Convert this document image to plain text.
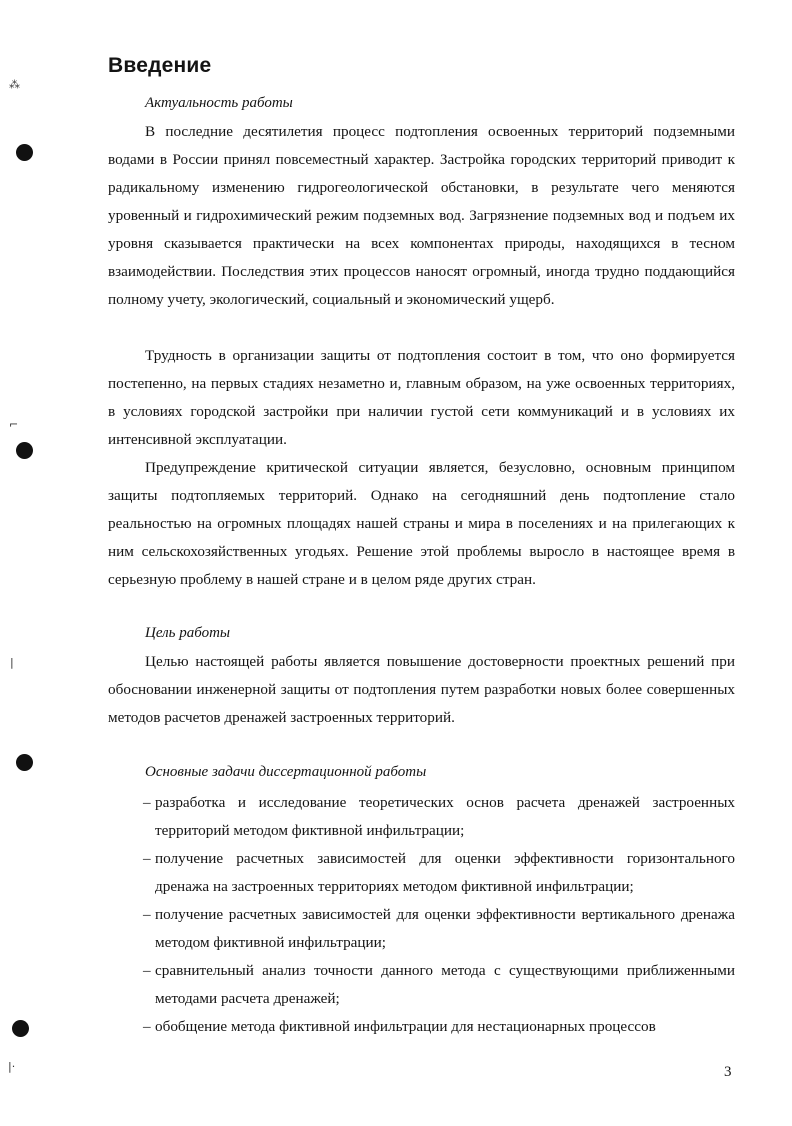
⁂
⌐
|
|·
Введение
Актуальность работы

В последние десятилетия процесс подтопления освоенных территорий подземными водами в России принял повсеместный характер. Застройка городских территорий приводит к радикальному изменению гидрогеологической обстановки, в результате чего меняются уровенный и гидрохимический режим подземных вод. Загрязнение подземных вод и подъем их уровня сказывается практически на всех компонентах природы, находящихся в тесном взаимодействии. Последствия этих процессов наносят огромный, иногда трудно поддающийся полному учету, экологический, социальный и экономический ущерб.

Трудность в организации защиты от подтопления состоит в том, что оно формируется постепенно, на первых стадиях незаметно и, главным образом, на уже освоенных территориях, в условиях городской застройки при наличии густой сети коммуникаций и в условиях их интенсивной эксплуатации.

Предупреждение критической ситуации является, безусловно, основным принципом защиты подтопляемых территорий. Однако на сегодняшний день подтопление стало реальностью на огромных площадях нашей страны и мира в поселениях и на прилегающих к ним сельскохозяйственных угодьях. Решение этой проблемы выросло в настоящее время в серьезную проблему в нашей стране и в целом ряде других стран.

Цель работы

Целью настоящей работы является повышение достоверности проектных решений при обосновании инженерной защиты от подтопления путем разработки новых более совершенных методов расчетов дренажей застроенных территорий.

Основные задачи диссертационной работы
– разработка и исследование теоретических основ расчета дренажей застроенных территорий методом фиктивной инфильтрации;
– получение расчетных зависимостей для оценки эффективности горизонтального дренажа на застроенных территориях методом фиктивной инфильтрации;
– получение расчетных зависимостей для оценки эффективности вертикального дренажа методом фиктивной инфильтрации;
– сравнительный анализ точности данного метода с существующими приближенными методами расчета дренажей;
– обобщение метода фиктивной инфильтрации для нестационарных процессов
3
